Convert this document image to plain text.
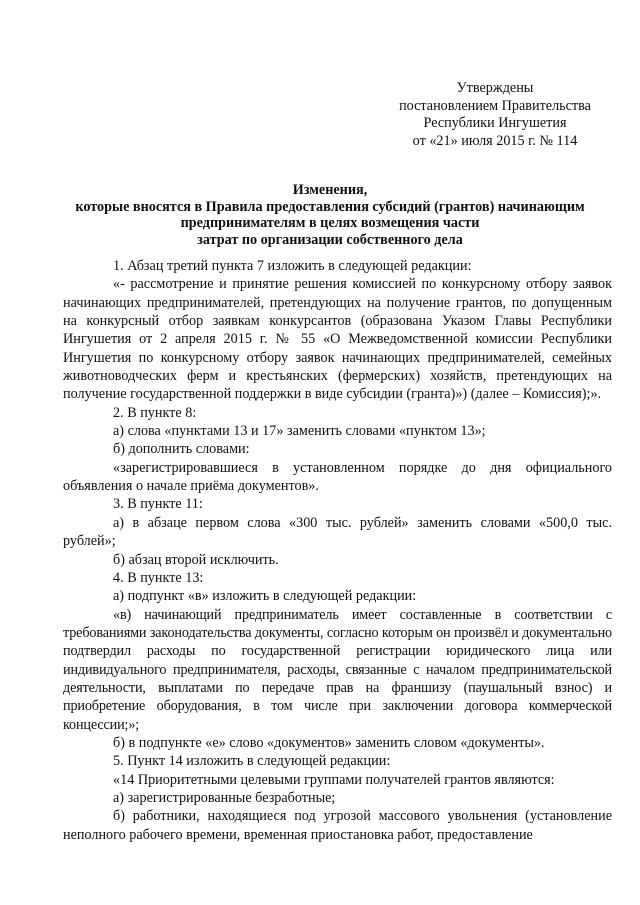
Утверждены
постановлением Правительства
Республики Ингушетия
от «21» июля 2015 г. № 114
Изменения,
которые вносятся в Правила предоставления субсидий (грантов) начинающим
предпринимателям в целях возмещения части
затрат по организации собственного дела

1. Абзац третий пункта 7 изложить в следующей редакции:

«- рассмотрение и принятие решения комиссией по конкурсному отбору заявок начинающих предпринимателей, претендующих на получение грантов, по допущенным на конкурсный отбор заявкам конкурсантов (образована Указом Главы Республики Ингушетия от 2 апреля 2015 г. № 55 «О Межведомственной комиссии Республики Ингушетия по конкурсному отбору заявок начинающих предпринимателей, семейных животноводческих ферм и крестьянских (фермерских) хозяйств, претендующих на получение государственной поддержки в виде субсидии (гранта)») (далее – Комиссия);».

2. В пункте 8:

а) слова «пунктами 13 и 17» заменить словами «пунктом 13»;

б) дополнить словами:

«зарегистрировавшиеся в установленном порядке до дня официального объявления о начале приёма документов».

3. В пункте 11:

а) в абзаце первом слова «300 тыс. рублей» заменить словами «500,0 тыс. рублей»;

б) абзац второй исключить.

4. В пункте 13:

а) подпункт «в» изложить в следующей редакции:

«в) начинающий предприниматель имеет составленные в соответствии с требованиями законодательства документы, согласно которым он произвёл и документально подтвердил расходы по государственной регистрации юридического лица или индивидуального предпринимателя, расходы, связанные с началом предпринимательской деятельности, выплатами по передаче прав на франшизу (паушальный взнос) и приобретение оборудования, в том числе при заключении договора коммерческой концессии;»;

б) в подпункте «е» слово «документов» заменить словом «документы».

5. Пункт 14 изложить в следующей редакции:

«14 Приоритетными целевыми группами получателей грантов являются:

а) зарегистрированные безработные;

б) работники, находящиеся под угрозой массового увольнения (установление неполного рабочего времени, временная приостановка работ, предоставление
